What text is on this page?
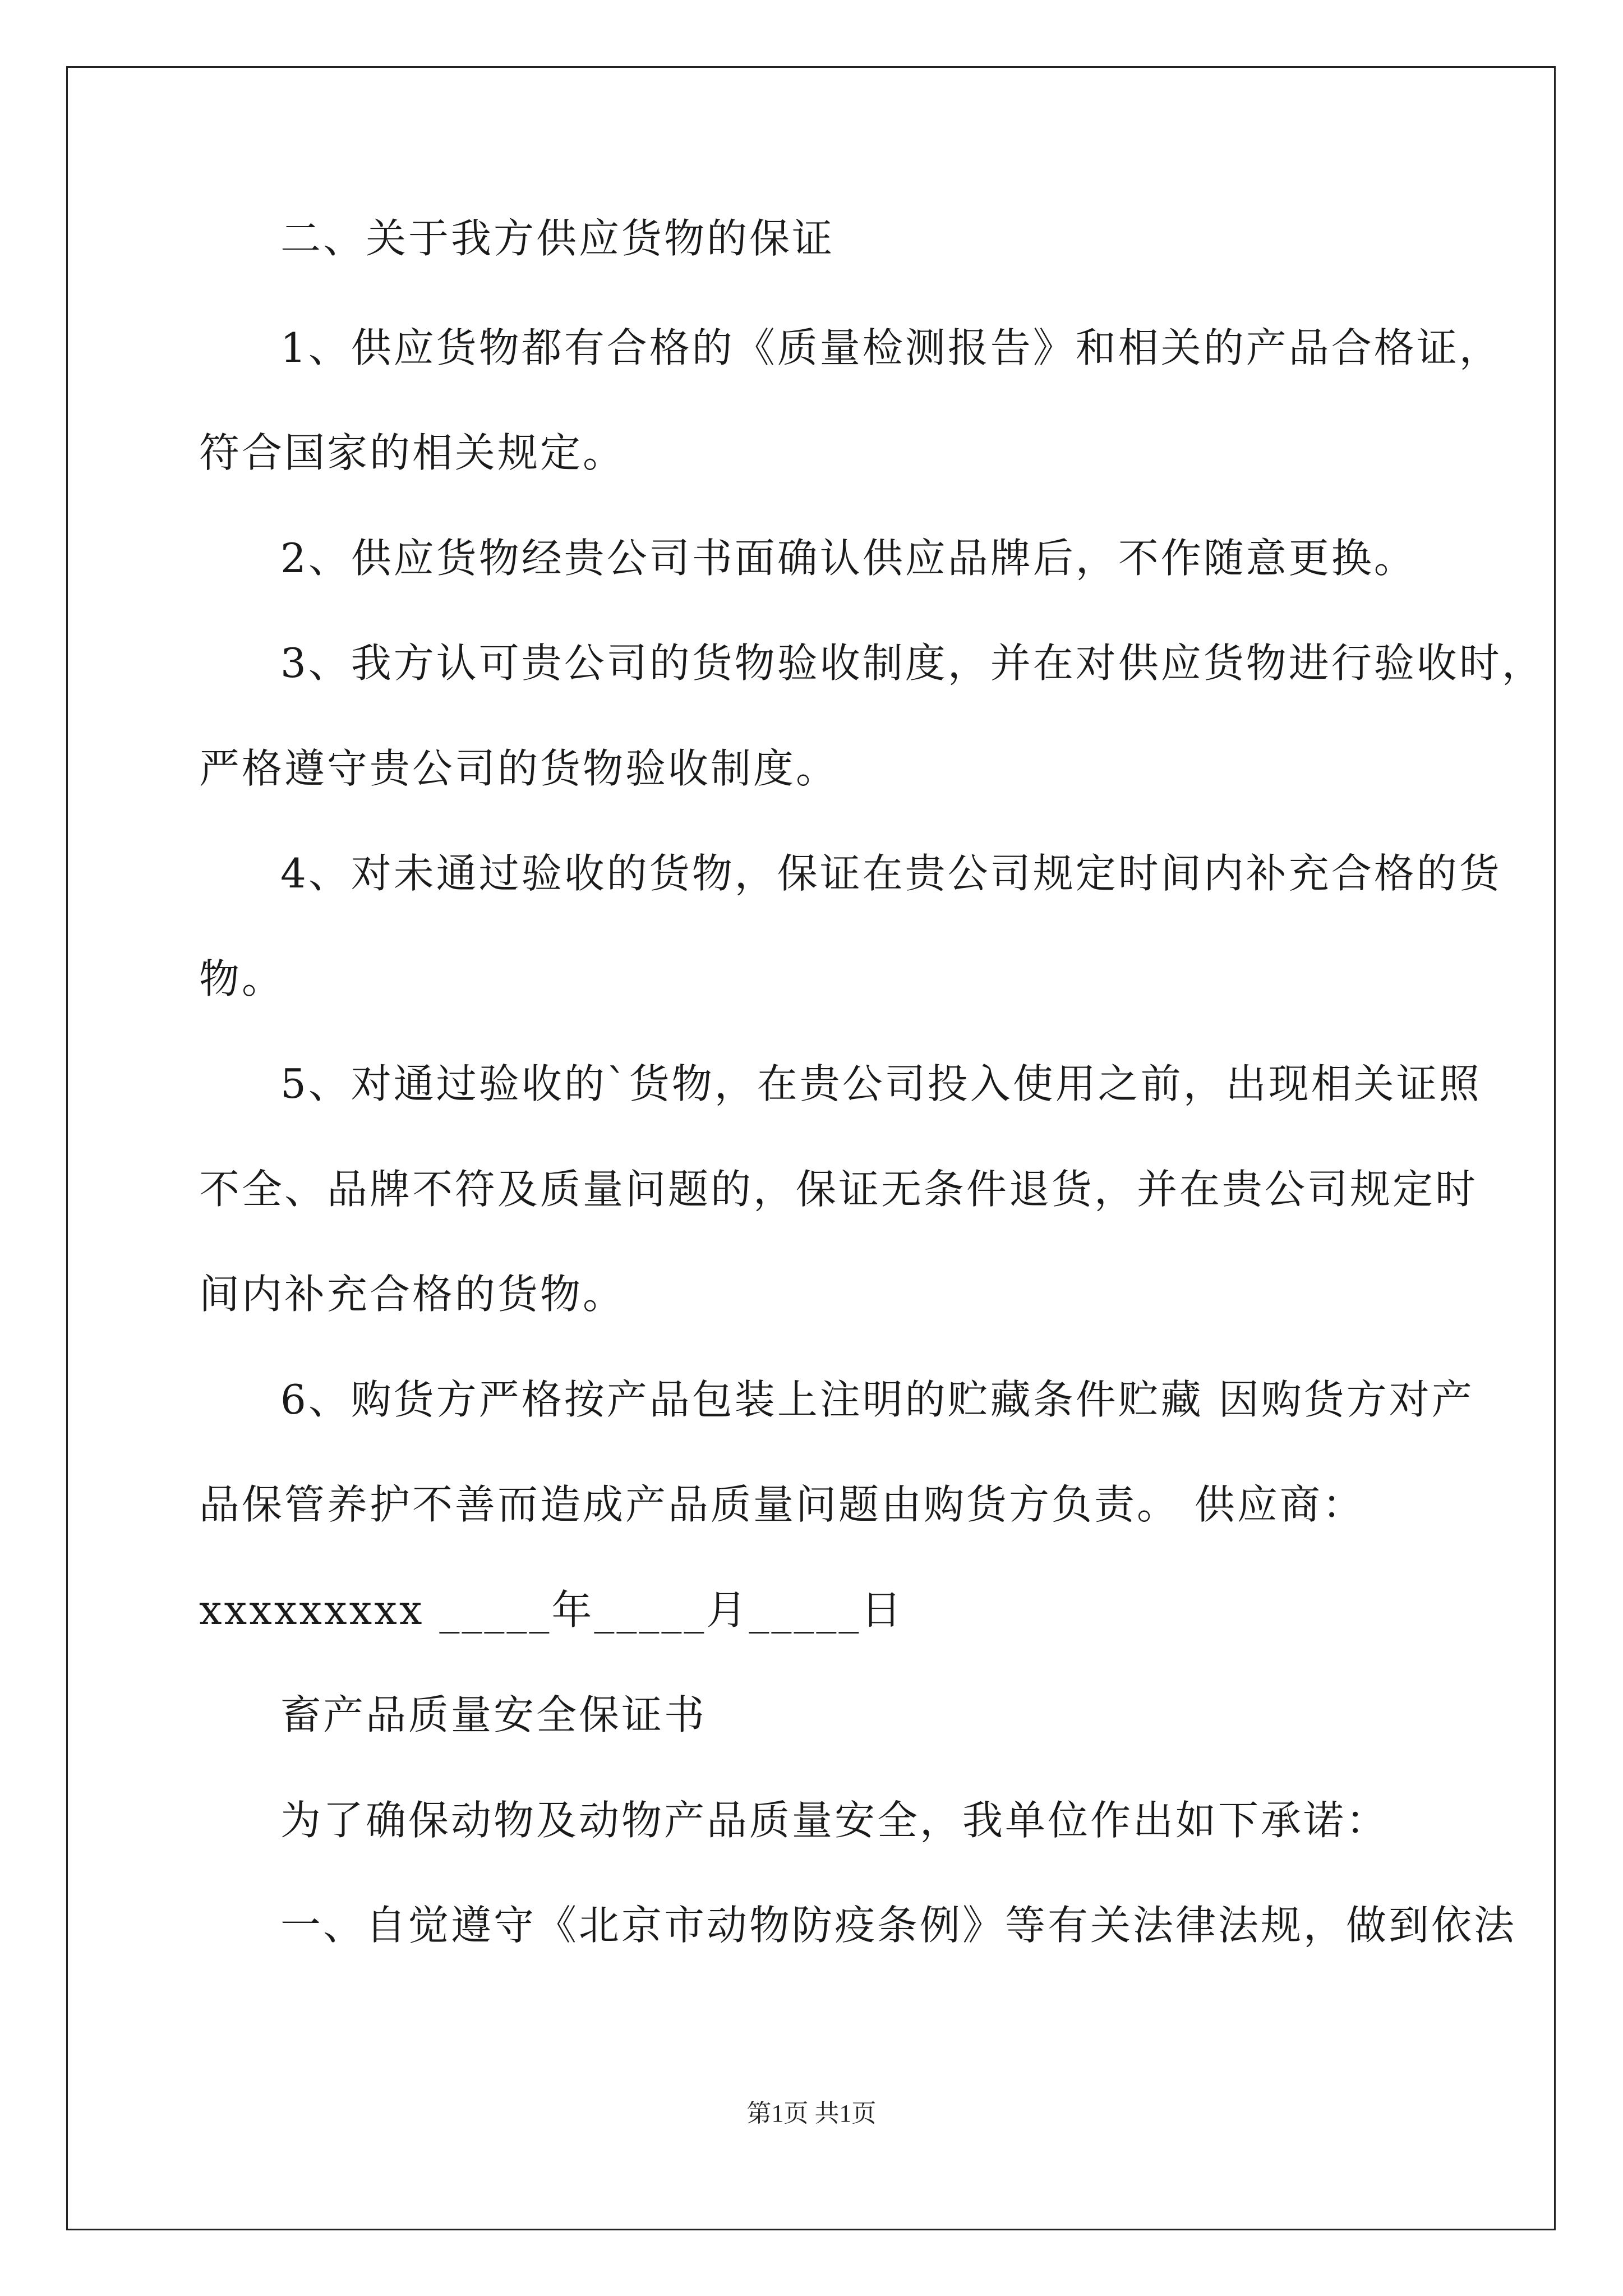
二、关于我方供应货物的保证
1、供应货物都有合格的《质量检测报告》和相关的产品合格证，
符合国家的相关规定。
2、供应货物经贵公司书面确认供应品牌后，不作随意更换。
3、我方认可贵公司的货物验收制度，并在对供应货物进行验收时，
严格遵守贵公司的货物验收制度。
4、对未通过验收的货物，保证在贵公司规定时间内补充合格的货
物。
5、对通过验收的`货物，在贵公司投入使用之前，出现相关证照
不全、品牌不符及质量问题的，保证无条件退货，并在贵公司规定时
间内补充合格的货物。
6、购货方严格按产品包装上注明的贮藏条件贮藏 因购货方对产
品保管养护不善而造成产品质量问题由购货方负责。 供应商：
xxxxxxxxx _____年_____月_____日
畜产品质量安全保证书
为了确保动物及动物产品质量安全，我单位作出如下承诺：
一、自觉遵守《北京市动物防疫条例》等有关法律法规，做到依法
第1页 共1页
